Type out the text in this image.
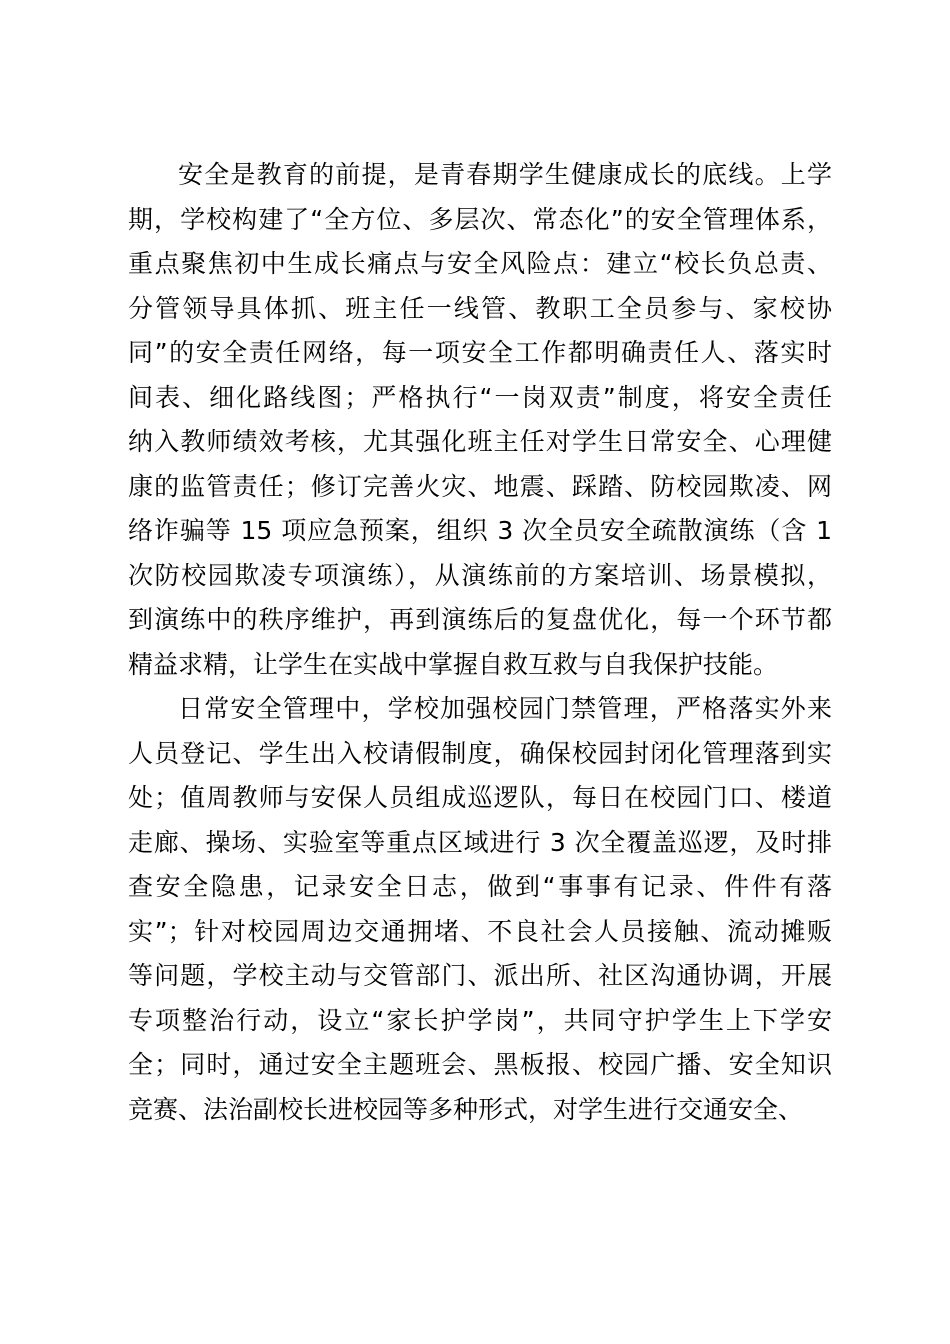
安全是教育的前提，是青春期学生健康成长的底线。上学
期，学校构建了“全方位、多层次、常态化”的安全管理体系，
重点聚焦初中生成长痛点与安全风险点：建立“校长负总责、
分管领导具体抓、班主任一线管、教职工全员参与、家校协
同”的安全责任网络，每一项安全工作都明确责任人、落实时
间表、细化路线图；严格执行“一岗双责”制度，将安全责任
纳入教师绩效考核，尤其强化班主任对学生日常安全、心理健
康的监管责任；修订完善火灾、地震、踩踏、防校园欺凌、网
络诈骗等 15 项应急预案，组织 3 次全员安全疏散演练（含 1
次防校园欺凌专项演练），从演练前的方案培训、场景模拟，
到演练中的秩序维护，再到演练后的复盘优化，每一个环节都
精益求精，让学生在实战中掌握自救互救与自我保护技能。
日常安全管理中，学校加强校园门禁管理，严格落实外来
人员登记、学生出入校请假制度，确保校园封闭化管理落到实
处；值周教师与安保人员组成巡逻队，每日在校园门口、楼道
走廊、操场、实验室等重点区域进行 3 次全覆盖巡逻，及时排
查安全隐患，记录安全日志，做到“事事有记录、件件有落
实”；针对校园周边交通拥堵、不良社会人员接触、流动摊贩
等问题，学校主动与交管部门、派出所、社区沟通协调，开展
专项整治行动，设立“家长护学岗”，共同守护学生上下学安
全；同时，通过安全主题班会、黑板报、校园广播、安全知识
竞赛、法治副校长进校园等多种形式，对学生进行交通安全、
